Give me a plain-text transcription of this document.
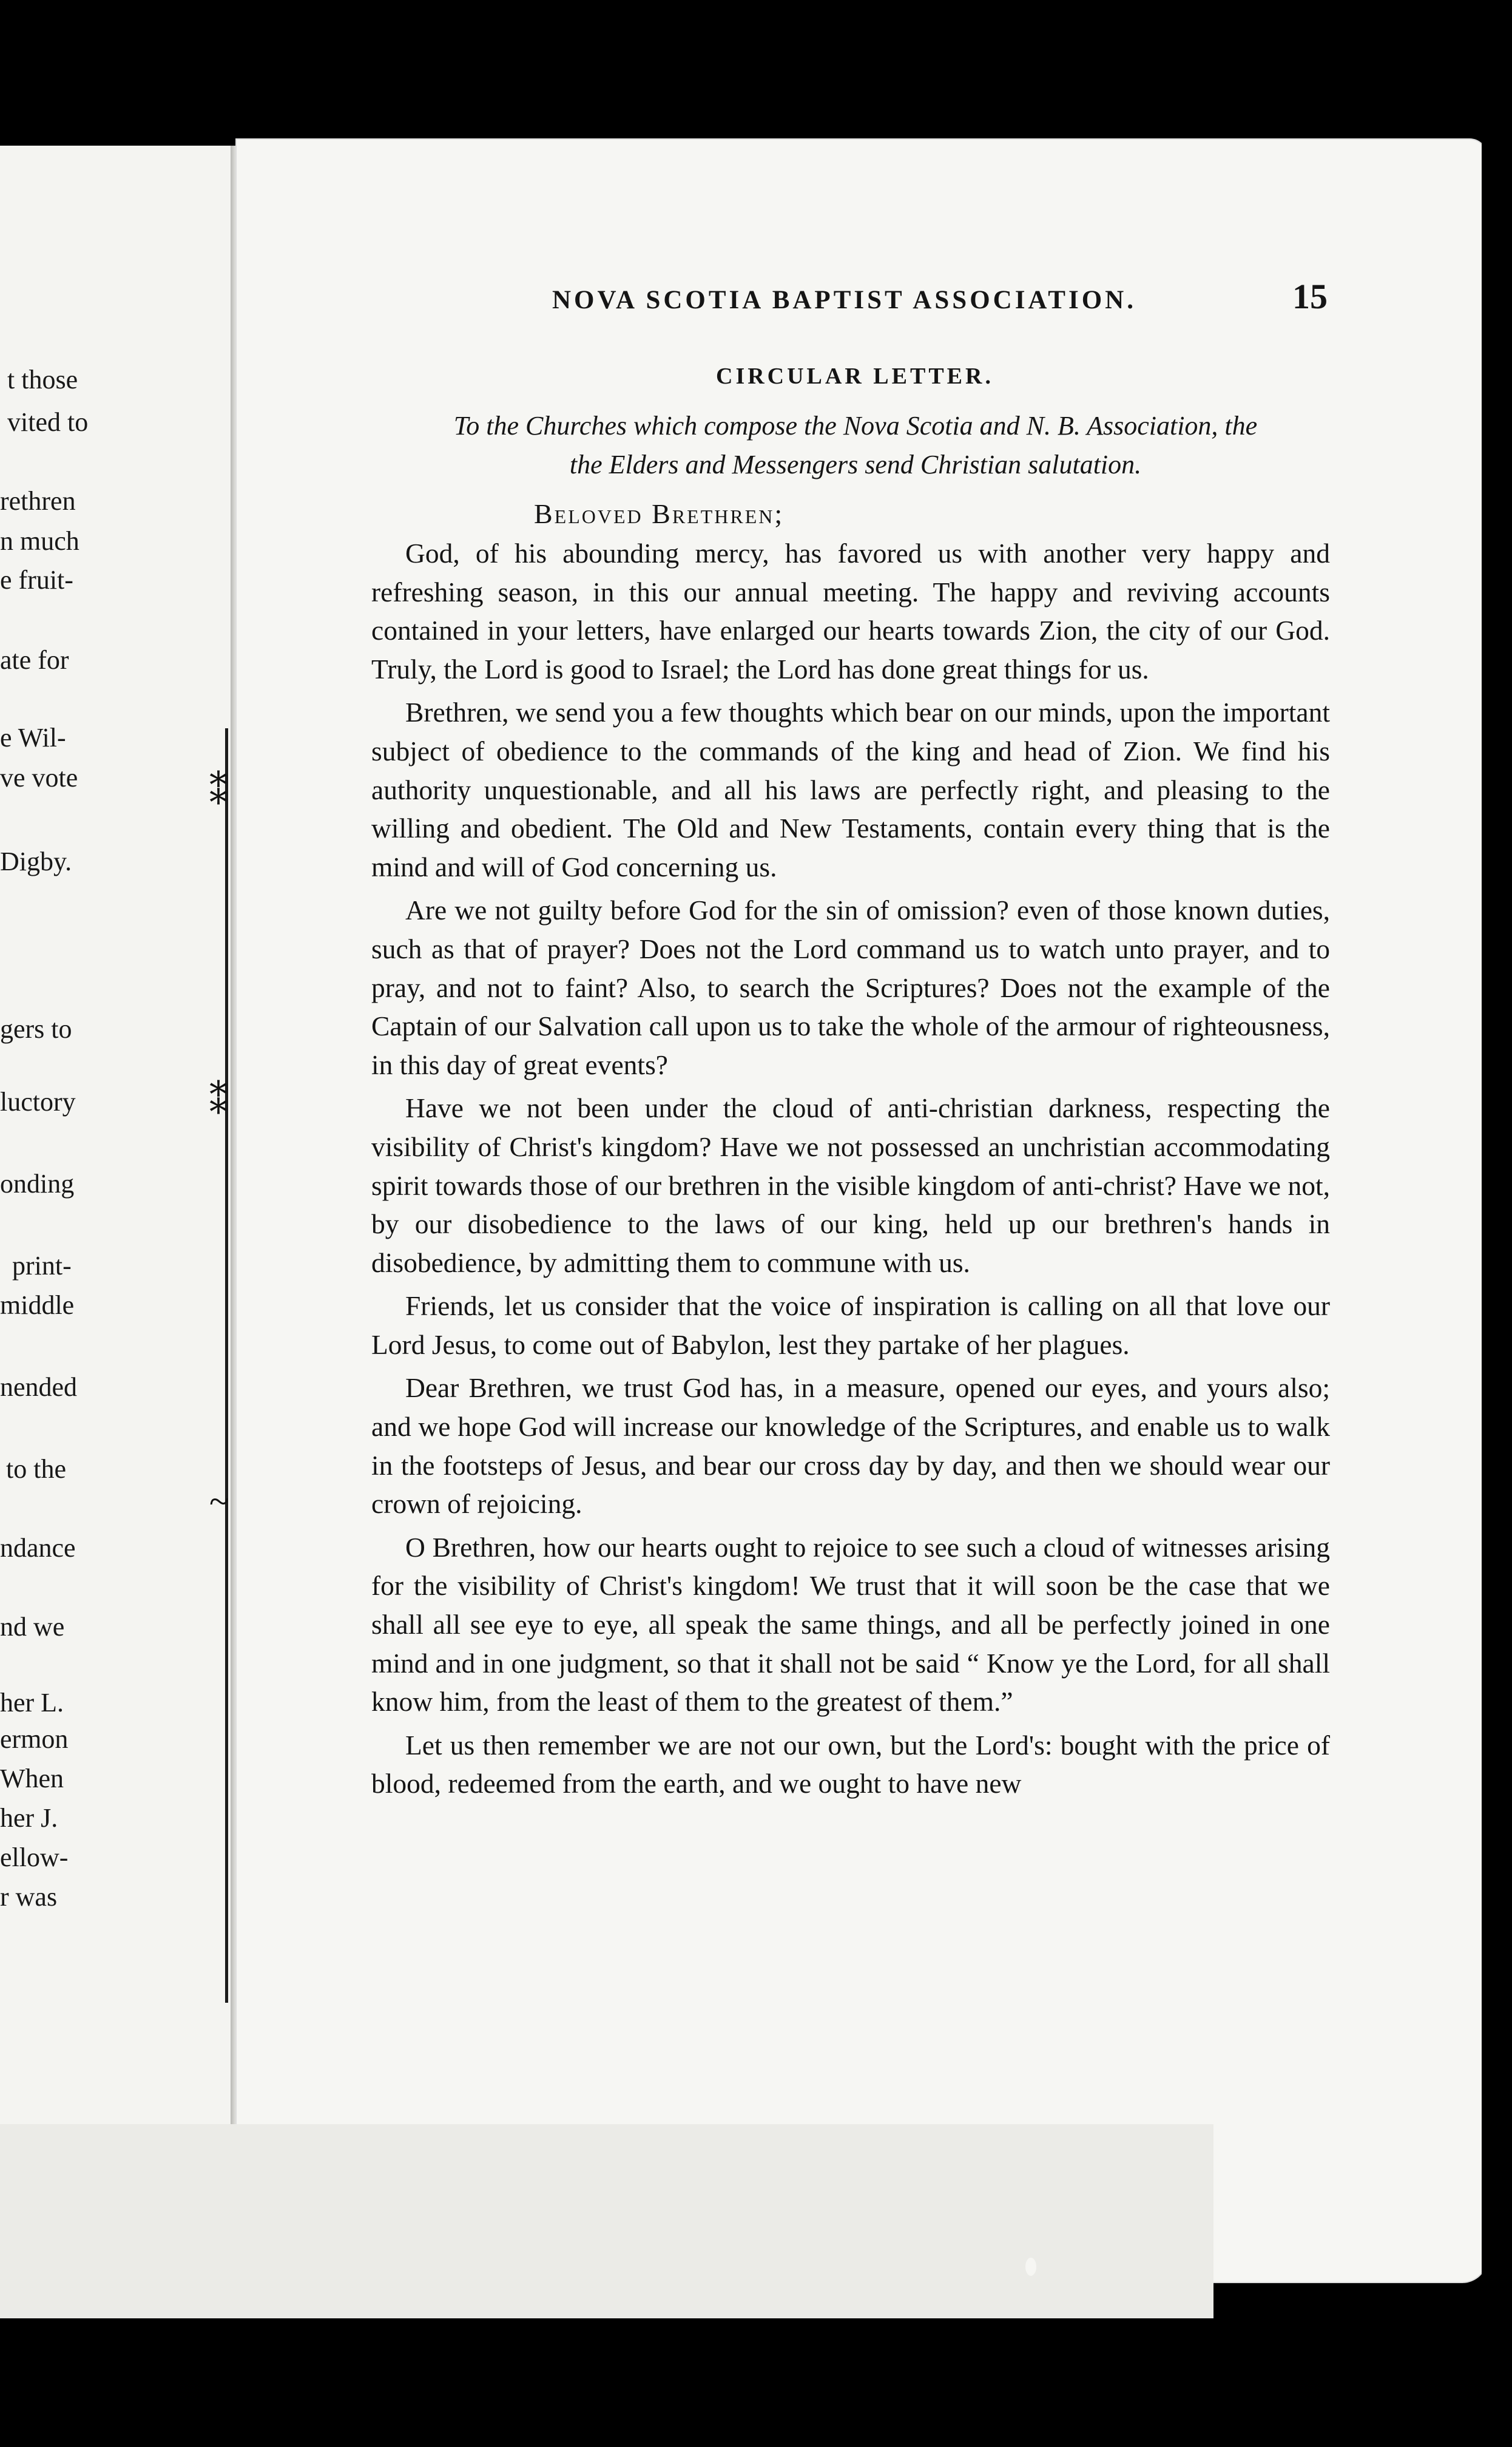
t those
vited to
rethren
n much
e fruit-
ate for
e Wil-
ve vote
Digby.
gers to
luctory
onding
print-
middle
nended
to the
ndance
nd we
her L.
ermon
When
her J.
ellow-
r was
⁑
⁑
~
NOVA SCOTIA BAPTIST ASSOCIATION.	15
CIRCULAR LETTER.
To the Churches which compose the Nova Scotia and N. B. Association, the
the Elders and Messengers send Christian salutation.
Beloved Brethren;

God, of his abounding mercy, has favored us with another very happy and refreshing season, in this our annual meeting. The happy and reviving accounts contained in your letters, have enlarged our hearts towards Zion, the city of our God. Truly, the Lord is good to Israel; the Lord has done great things for us.

Brethren, we send you a few thoughts which bear on our minds, upon the important subject of obedience to the commands of the king and head of Zion. We find his authority unquestionable, and all his laws are perfectly right, and pleasing to the willing and obedient. The Old and New Testaments, contain every thing that is the mind and will of God concerning us.

Are we not guilty before God for the sin of omission? even of those known duties, such as that of prayer? Does not the Lord command us to watch unto prayer, and to pray, and not to faint? Also, to search the Scriptures? Does not the example of the Captain of our Salvation call upon us to take the whole of the armour of righteousness, in this day of great events?

Have we not been under the cloud of anti-christian darkness, respecting the visibility of Christ's kingdom? Have we not possessed an unchristian accommodating spirit towards those of our brethren in the visible kingdom of anti-christ? Have we not, by our disobedience to the laws of our king, held up our brethren's hands in disobedience, by admitting them to commune with us.

Friends, let us consider that the voice of inspiration is calling on all that love our Lord Jesus, to come out of Babylon, lest they partake of her plagues.

Dear Brethren, we trust God has, in a measure, opened our eyes, and yours also; and we hope God will increase our knowledge of the Scriptures, and enable us to walk in the footsteps of Jesus, and bear our cross day by day, and then we should wear our crown of rejoicing.

O Brethren, how our hearts ought to rejoice to see such a cloud of witnesses arising for the visibility of Christ's kingdom! We trust that it will soon be the case that we shall all see eye to eye, all speak the same things, and all be perfectly joined in one mind and in one judgment, so that it shall not be said “ Know ye the Lord, for all shall know him, from the least of them to the greatest of them.”

Let us then remember we are not our own, but the Lord's: bought with the price of blood, redeemed from the earth, and we ought to have new
